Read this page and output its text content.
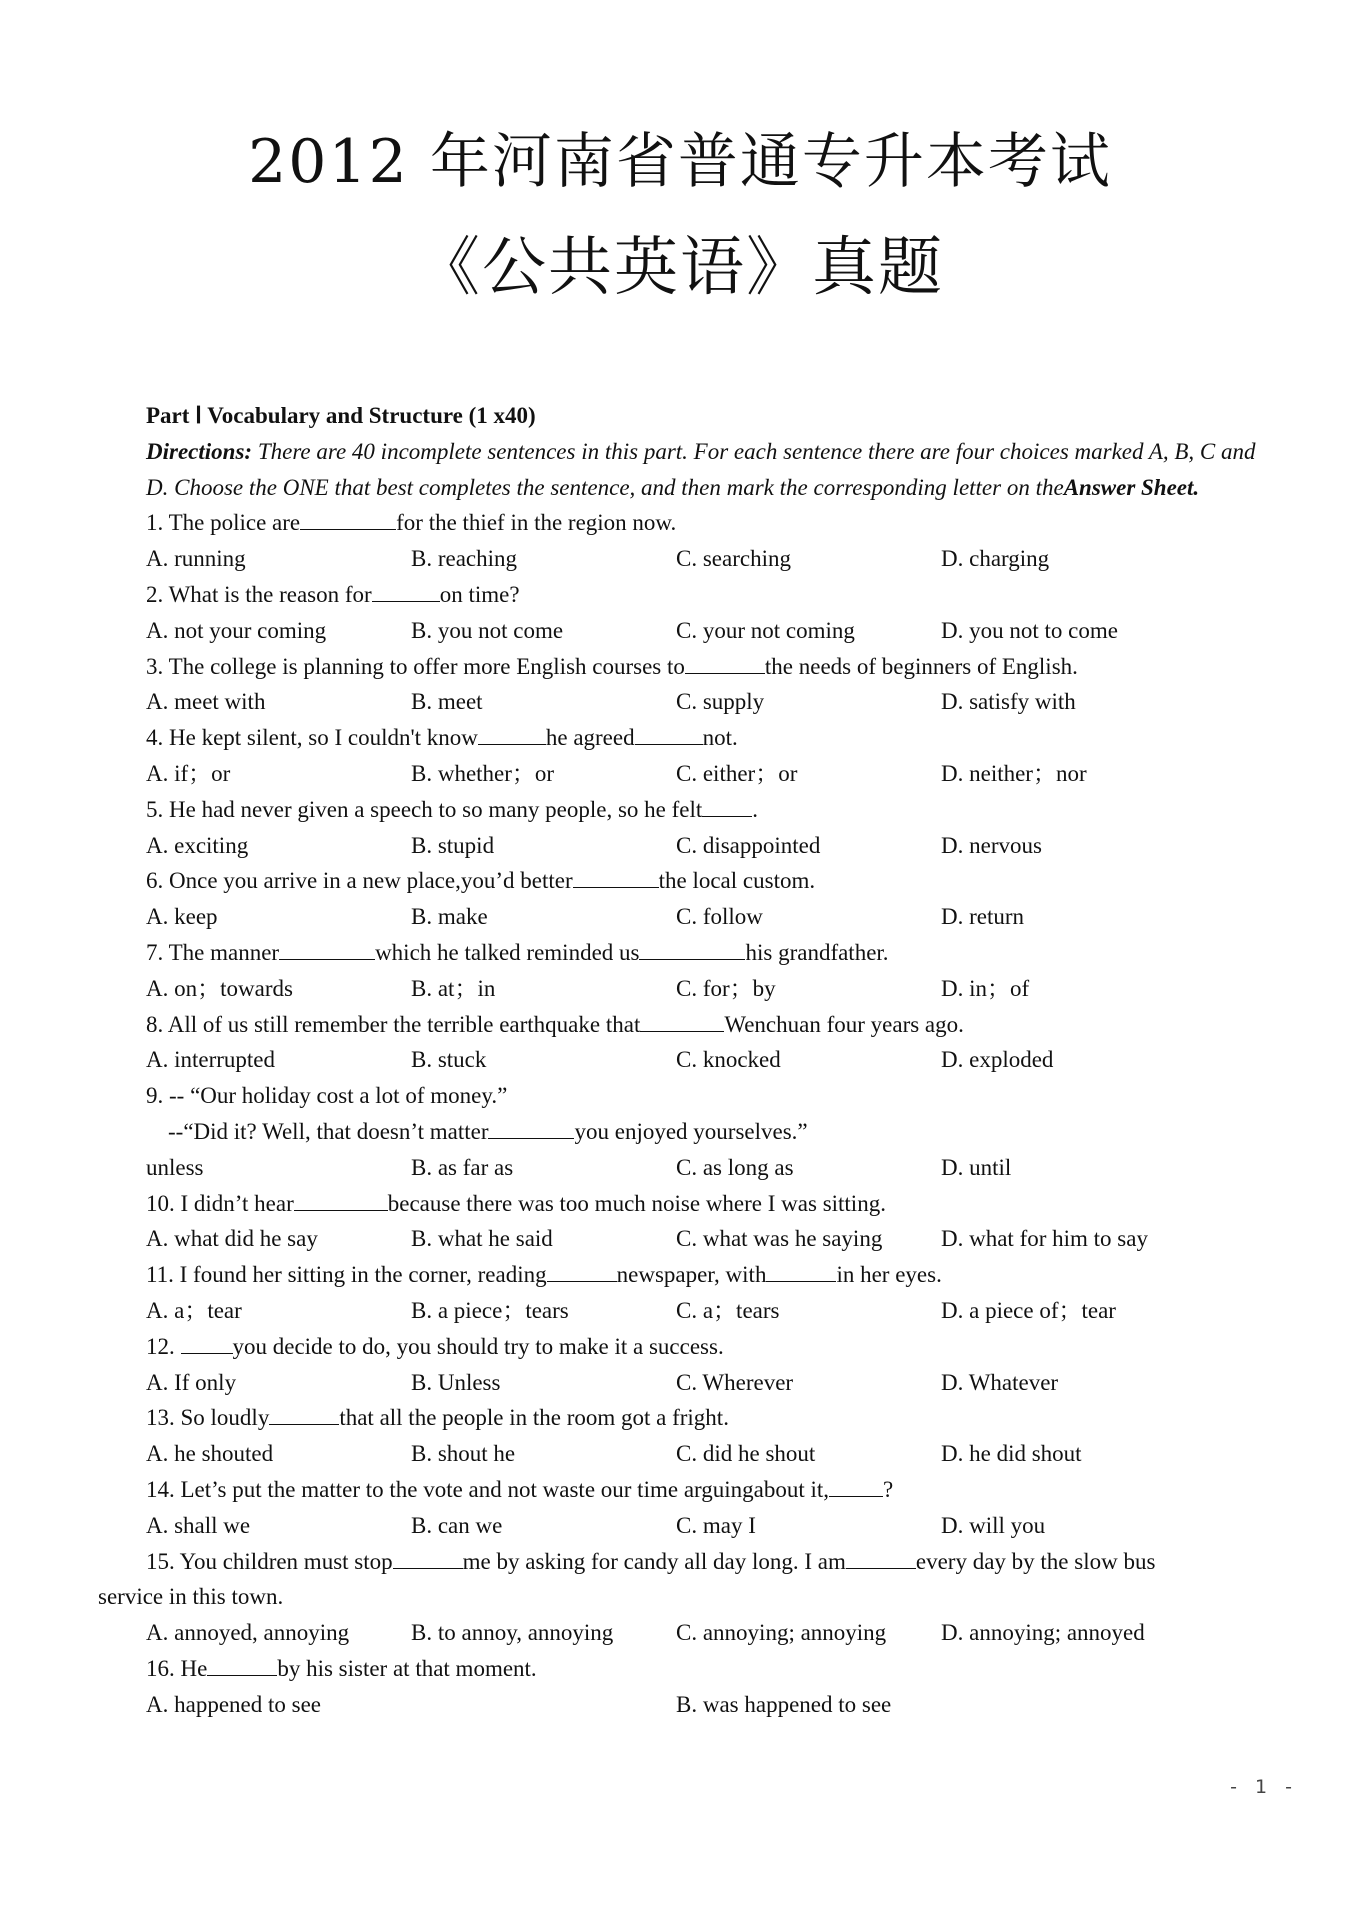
2012 年河南省普通专升本考试
《公共英语》真题
Part Ⅰ Vocabulary and Structure (1 x40)
Directions: There are 40 incomplete sentences in this part. For each sentence there are four choices marked A, B, C and D. Choose the ONE that best completes the sentence, and then mark the corresponding letter on theAnswer Sheet.
1. The police are	for the thief in the region now.
A. running	B. reaching	C. searching	D. charging
2. What is the reason for	on time?
A. not your coming	B. you not come	C. your not coming	D. you not to come
3. The college is planning to offer more English courses to	the needs of beginners of English.
A. meet with	B. meet	C. supply	D. satisfy with
4. He kept silent, so I couldn't know	he agreed	not.
A. if；or	B. whether；or	C. either；or	D. neither；nor
5. He had never given a speech to so many people, so he felt .
A. exciting	B. stupid	C. disappointed	D. nervous
6. Once you arrive in a new place,you’d better	the local custom.
A. keep	B. make	C. follow	D. return
7. The manner	which he talked reminded us	his grandfather.
A. on；towards	B. at；in	C. for；by	D. in；of
8. All of us still remember the terrible earthquake that	Wenchuan four years ago.
A. interrupted	B. stuck	C. knocked	D. exploded
9. -- “Our holiday cost a lot of money.”
--“Did it? Well, that doesn’t matter	you enjoyed yourselves.”
unless	B. as far as	C. as long as	D. until
10. I didn’t hear	because there was too much noise where I was sitting.
A. what did he say	B. what he said	C. what was he saying	D. what for him to say
11. I found her sitting in the corner, reading	newspaper, with	in her eyes.
A. a；tear	B. a piece；tears	C. a；tears	D. a piece of；tear
12. you decide to do, you should try to make it a success.
A. If only	B. Unless	C. Wherever	D. Whatever
13. So loudly	that all the people in the room got a fright.
A. he shouted	B. shout he	C. did he shout	D. he did shout
14. Let’s put the matter to the vote and not waste our time arguingabout it, ?
A. shall we	B. can we	C. may I	D. will you
15. You children must stop	me by asking for candy all day long. I am	every day by the slow bus
service in this town.
A. annoyed, annoying	B. to annoy, annoying	C. annoying; annoying D. annoying; annoyed
16. He	by his sister at that moment.
A. happened to see	B. was happened to see
- 1 -
